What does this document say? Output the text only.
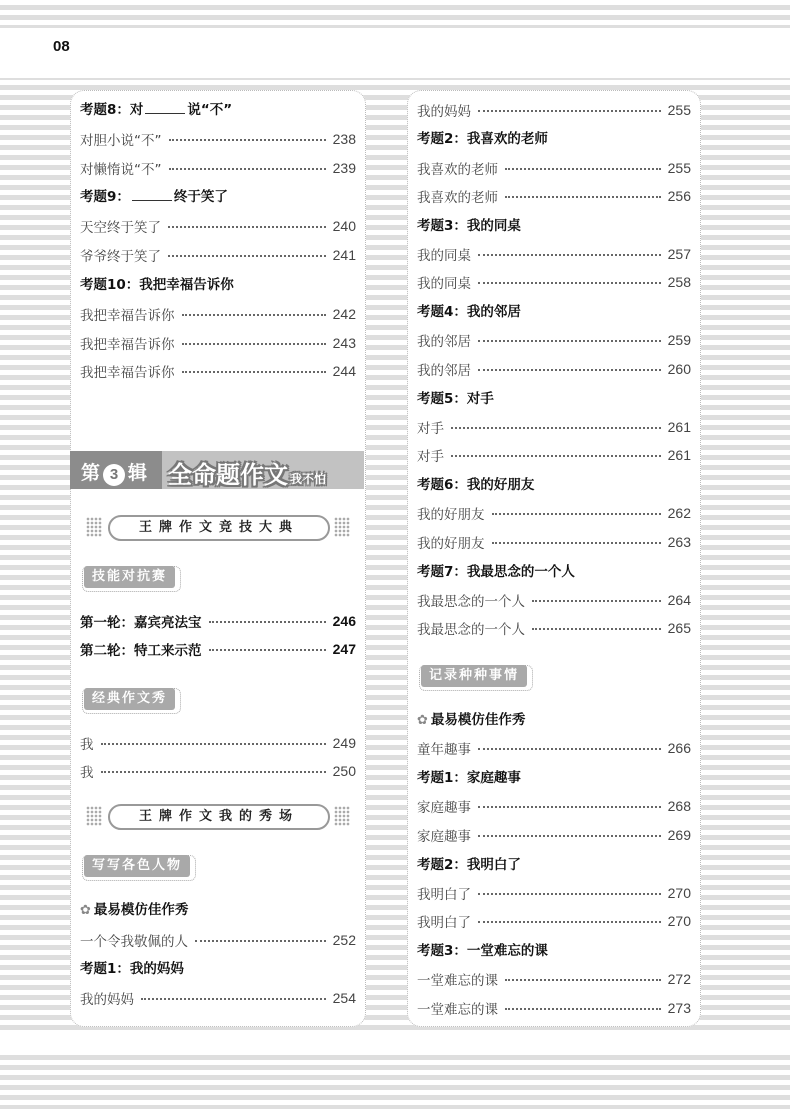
08
考题8：对	说“不”
对胆小说“不”	238
对懒惰说“不”	239
考题9：	终于笑了
天空终于笑了	240
爷爷终于笑了	241
考题10：我把幸福告诉你
我把幸福告诉你	242
我把幸福告诉你	243
我把幸福告诉你	244
第 3 辑 全命题作文 我不怕
王牌作文竞技大典
技能对抗赛
第一轮：嘉宾亮法宝	246
第二轮：特工来示范	247
经典作文秀
我	249
我	250
王牌作文我的秀场
写写各色人物
✿ 最易模仿佳作秀
一个令我敬佩的人	252
考题1：我的妈妈
我的妈妈	254
我的妈妈	255
考题2：我喜欢的老师
我喜欢的老师	255
我喜欢的老师	256
考题3：我的同桌
我的同桌	257
我的同桌	258
考题4：我的邻居
我的邻居	259
我的邻居	260
考题5：对手
对手	261
对手	261
考题6：我的好朋友
我的好朋友	262
我的好朋友	263
考题7：我最思念的一个人
我最思念的一个人	264
我最思念的一个人	265
记录种种事情
✿ 最易模仿佳作秀
童年趣事	266
考题1：家庭趣事
家庭趣事	268
家庭趣事	269
考题2：我明白了
我明白了	270
我明白了	270
考题3：一堂难忘的课
一堂难忘的课	272
一堂难忘的课	273
